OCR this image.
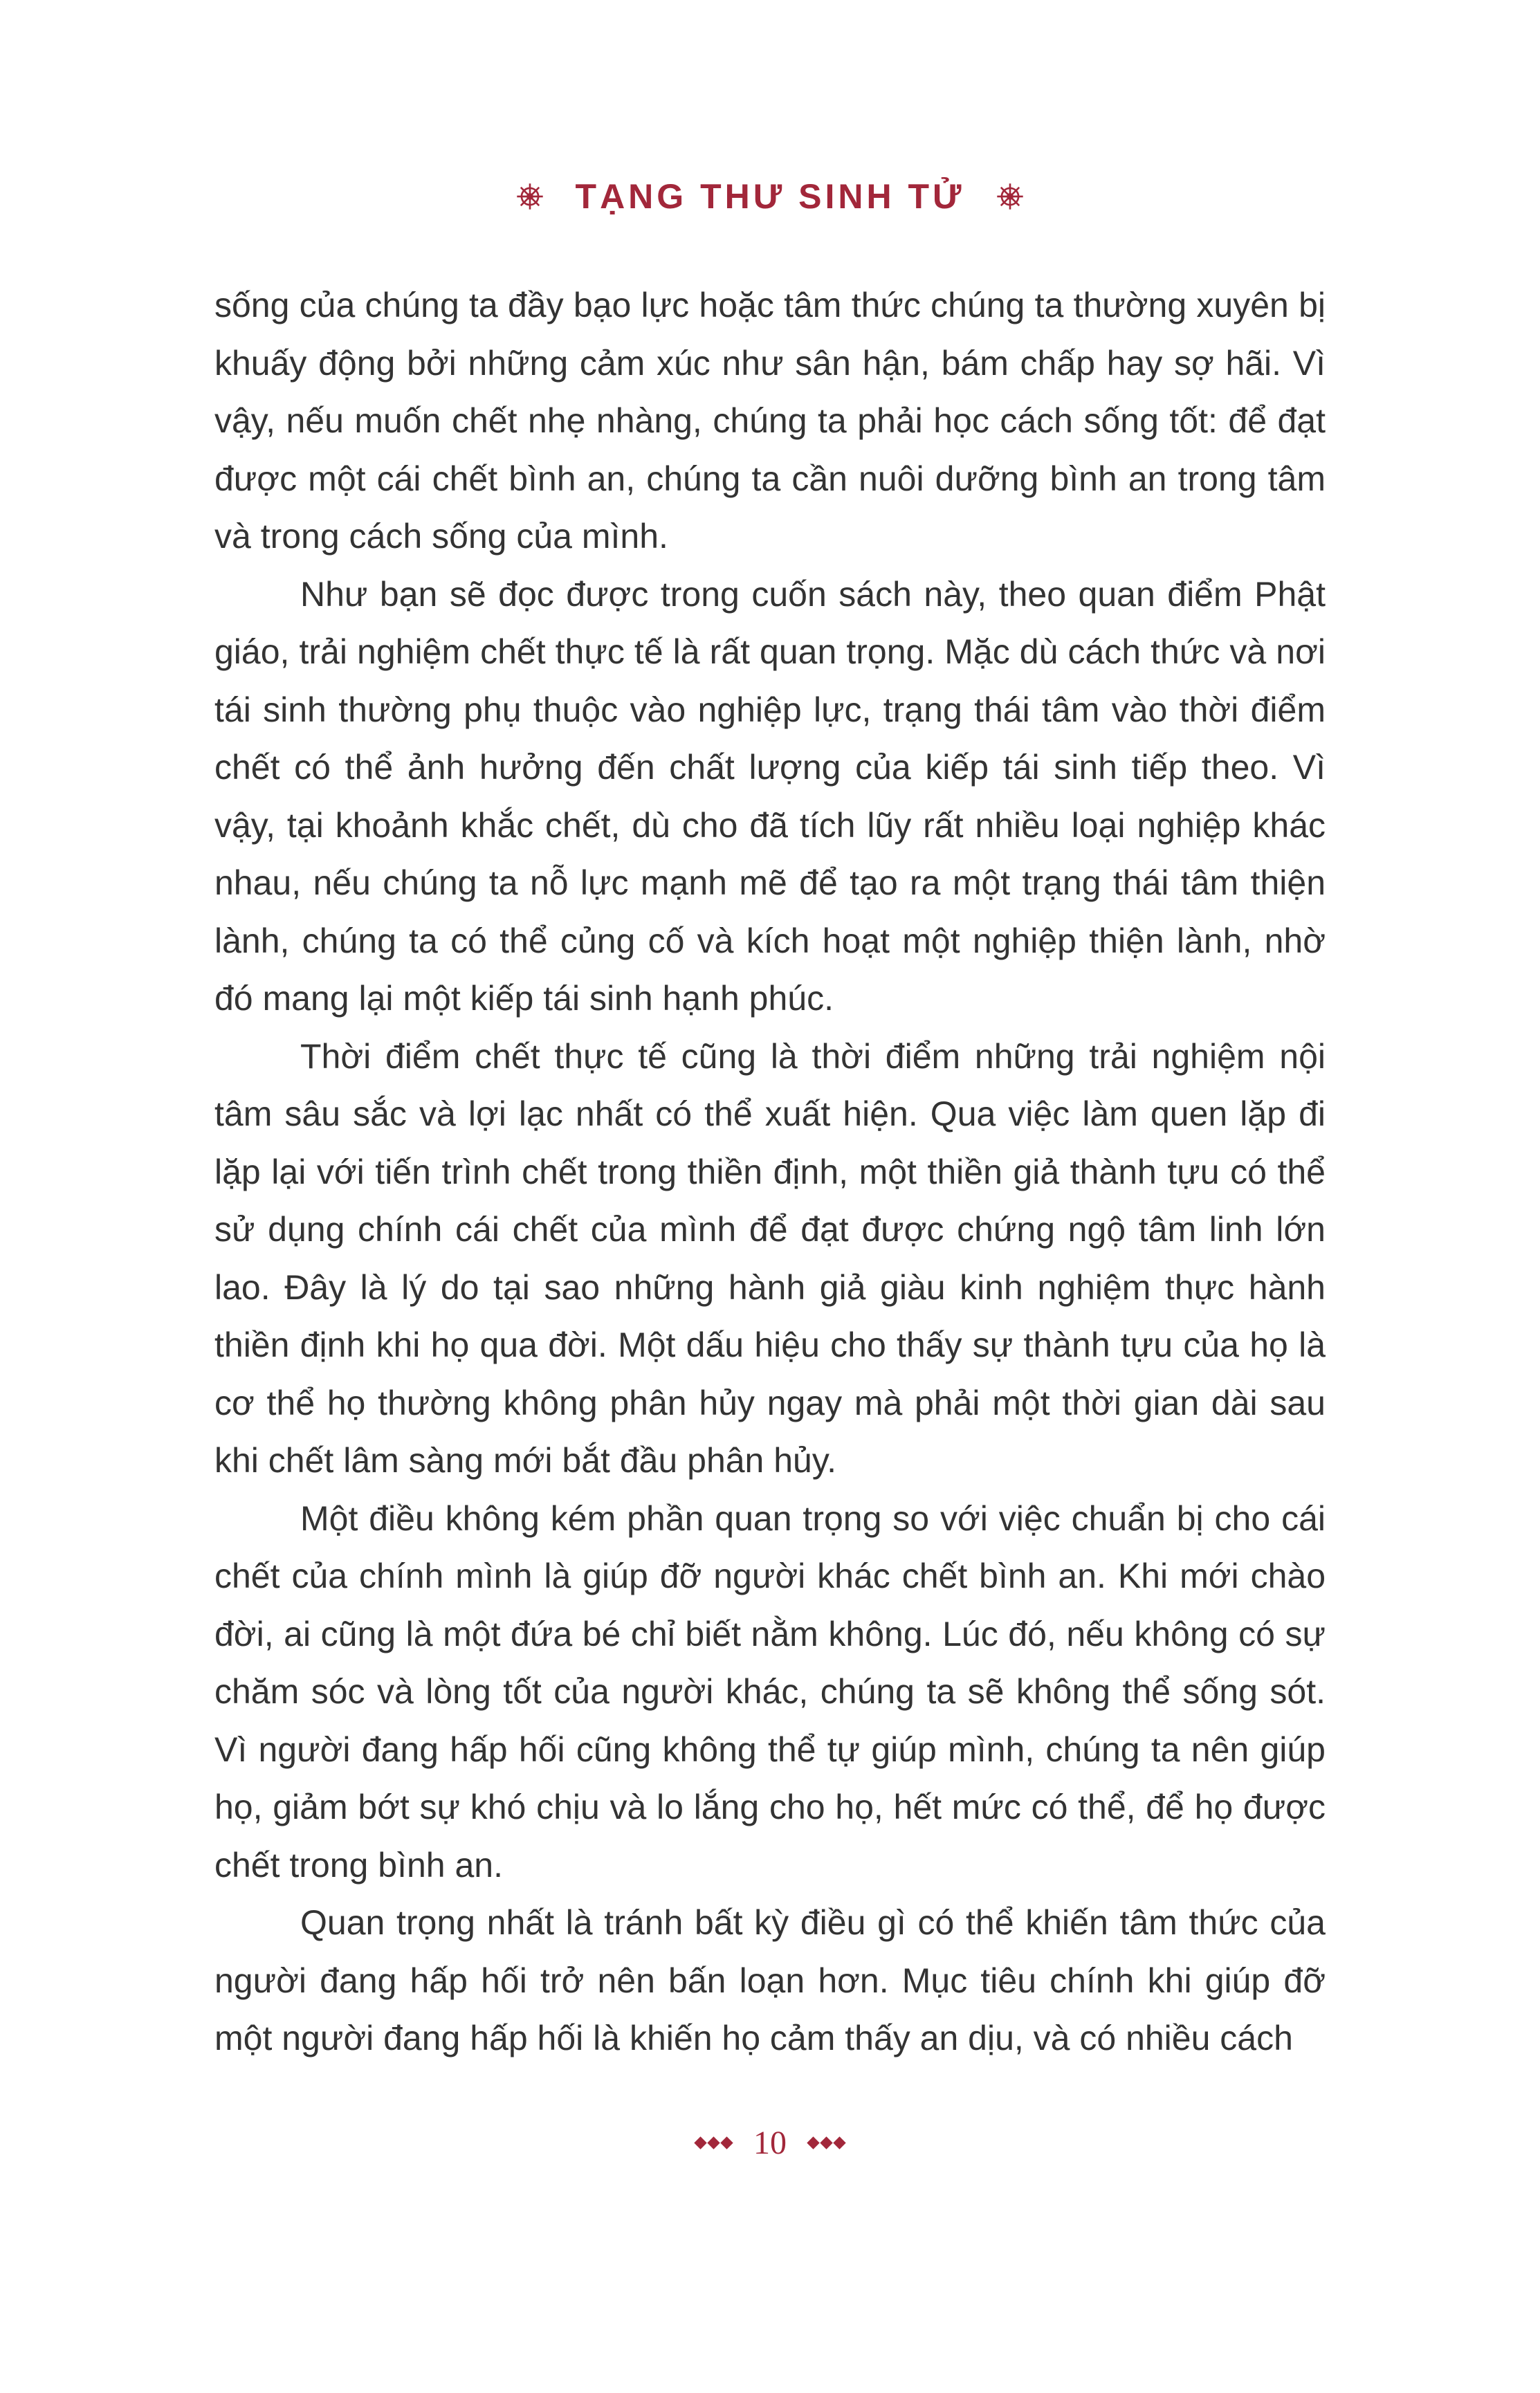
TẠNG THƯ SINH TỬ

sống của chúng ta đầy bạo lực hoặc tâm thức chúng ta thường xuyên bị khuấy động bởi những cảm xúc như sân hận, bám chấp hay sợ hãi. Vì vậy, nếu muốn chết nhẹ nhàng, chúng ta phải học cách sống tốt: để đạt được một cái chết bình an, chúng ta cần nuôi dưỡng bình an trong tâm và trong cách sống của mình.

Như bạn sẽ đọc được trong cuốn sách này, theo quan điểm Phật giáo, trải nghiệm chết thực tế là rất quan trọng. Mặc dù cách thức và nơi tái sinh thường phụ thuộc vào nghiệp lực, trạng thái tâm vào thời điểm chết có thể ảnh hưởng đến chất lượng của kiếp tái sinh tiếp theo. Vì vậy, tại khoảnh khắc chết, dù cho đã tích lũy rất nhiều loại nghiệp khác nhau, nếu chúng ta nỗ lực mạnh mẽ để tạo ra một trạng thái tâm thiện lành, chúng ta có thể củng cố và kích hoạt một nghiệp thiện lành, nhờ đó mang lại một kiếp tái sinh hạnh phúc.

Thời điểm chết thực tế cũng là thời điểm những trải nghiệm nội tâm sâu sắc và lợi lạc nhất có thể xuất hiện. Qua việc làm quen lặp đi lặp lại với tiến trình chết trong thiền định, một thiền giả thành tựu có thể sử dụng chính cái chết của mình để đạt được chứng ngộ tâm linh lớn lao. Đây là lý do tại sao những hành giả giàu kinh nghiệm thực hành thiền định khi họ qua đời. Một dấu hiệu cho thấy sự thành tựu của họ là cơ thể họ thường không phân hủy ngay mà phải một thời gian dài sau khi chết lâm sàng mới bắt đầu phân hủy.

Một điều không kém phần quan trọng so với việc chuẩn bị cho cái chết của chính mình là giúp đỡ người khác chết bình an. Khi mới chào đời, ai cũng là một đứa bé chỉ biết nằm không. Lúc đó, nếu không có sự chăm sóc và lòng tốt của người khác, chúng ta sẽ không thể sống sót. Vì người đang hấp hối cũng không thể tự giúp mình, chúng ta nên giúp họ, giảm bớt sự khó chịu và lo lắng cho họ, hết mức có thể, để họ được chết trong bình an.

Quan trọng nhất là tránh bất kỳ điều gì có thể khiến tâm thức của người đang hấp hối trở nên bấn loạn hơn. Mục tiêu chính khi giúp đỡ một người đang hấp hối là khiến họ cảm thấy an dịu, và có nhiều cách

10
